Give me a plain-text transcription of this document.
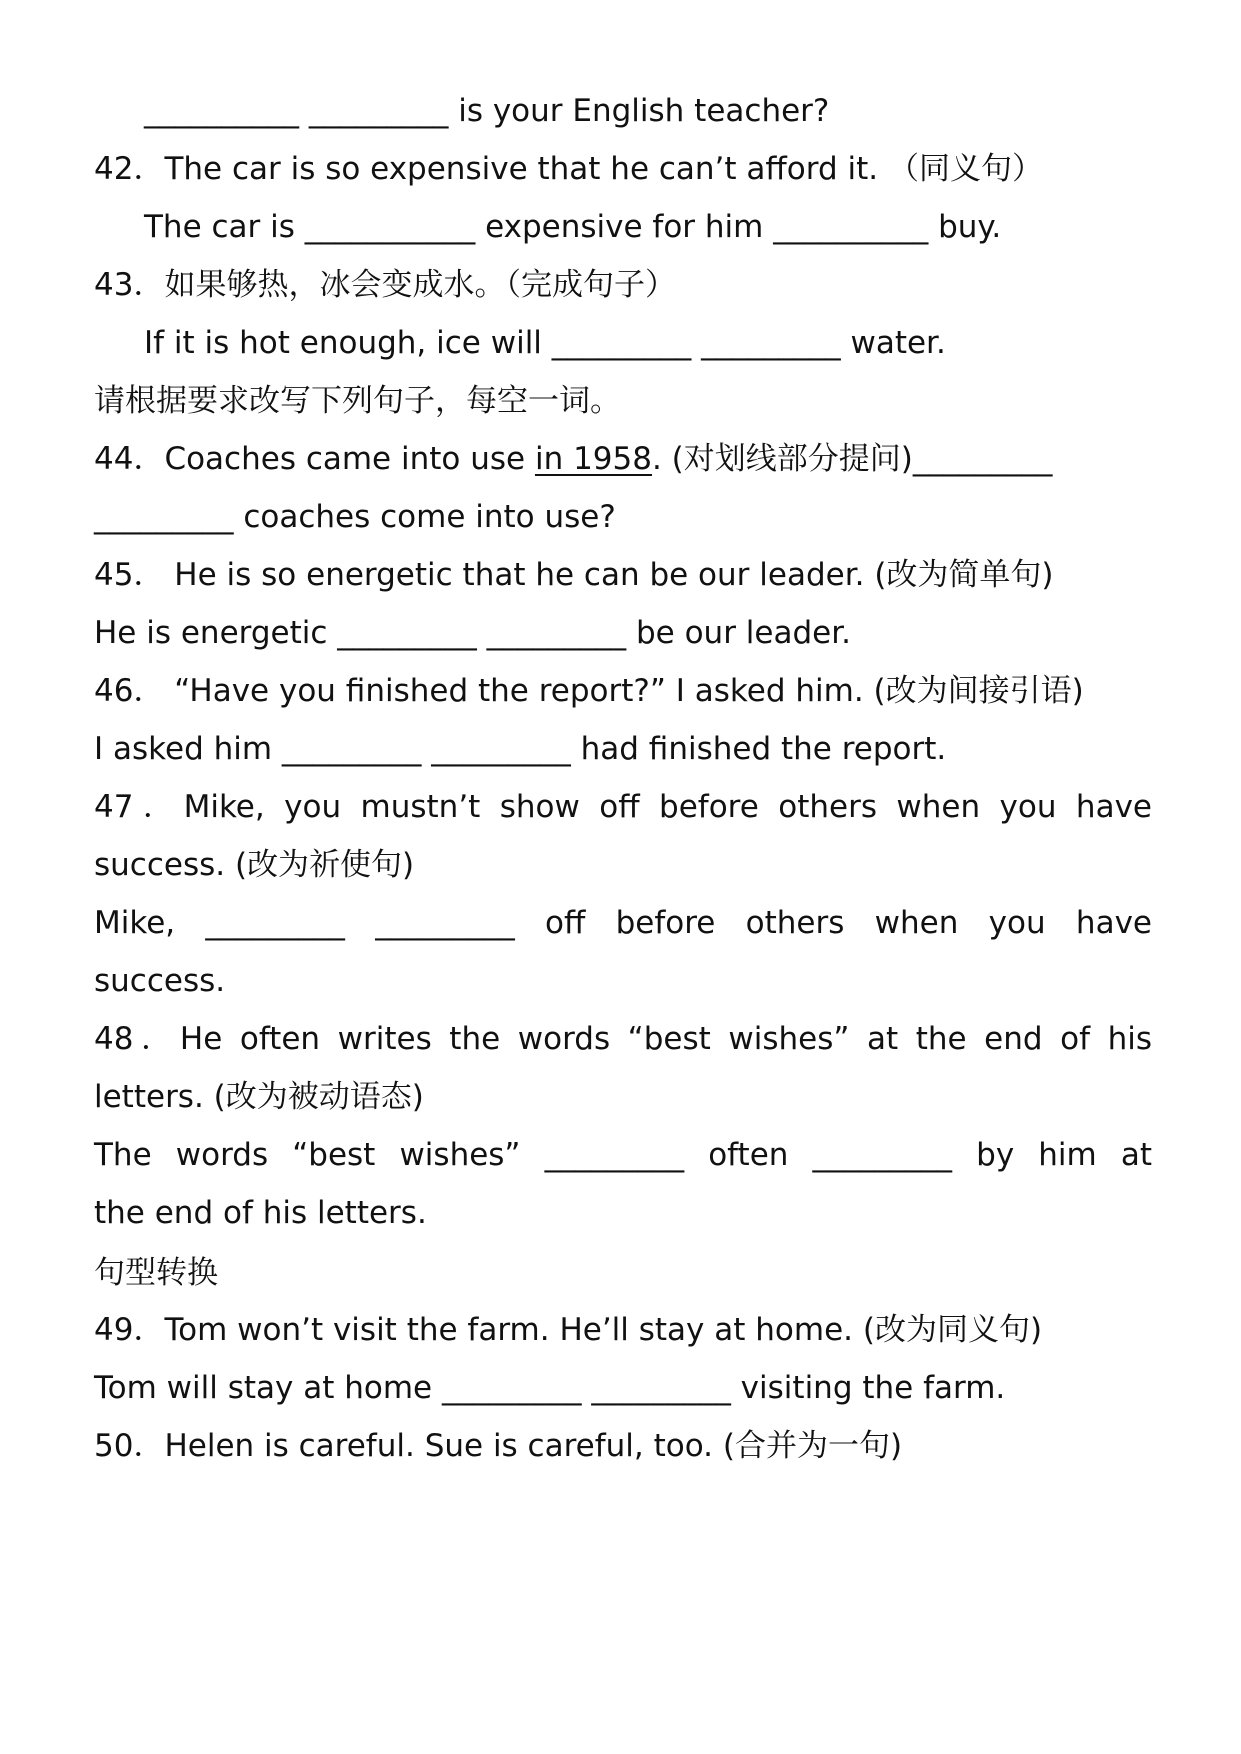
__________ _________ is your English teacher?
42．The car is so expensive that he can’t afford it. （同义句）
The car is ___________ expensive for him __________ buy.
43．如果够热，冰会变成水。（完成句子）
If it is hot enough, ice will _________ _________ water.
请根据要求改写下列句子，每空一词。
44．Coaches came into use in 1958. (对划线部分提问)_________
_________ coaches come into use?
45． He is so energetic that he can be our leader. (改为简单句)
He is energetic _________ _________ be our leader.
46． “Have you finished the report?” I asked him. (改为间接引语)
I asked him _________ _________ had finished the report.
47．Mike, you mustn’t show off before others when you have
success. (改为祈使句)
Mike, _________ _________ off before others when you have
success.
48．He often writes the words “best wishes” at the end of his
letters. (改为被动语态)
The words “best wishes” _________ often _________ by him at
the end of his letters.
句型转换
49．Tom won’t visit the farm. He’ll stay at home. (改为同义句)
Tom will stay at home _________ _________ visiting the farm.
50．Helen is careful. Sue is careful, too. (合并为一句)
